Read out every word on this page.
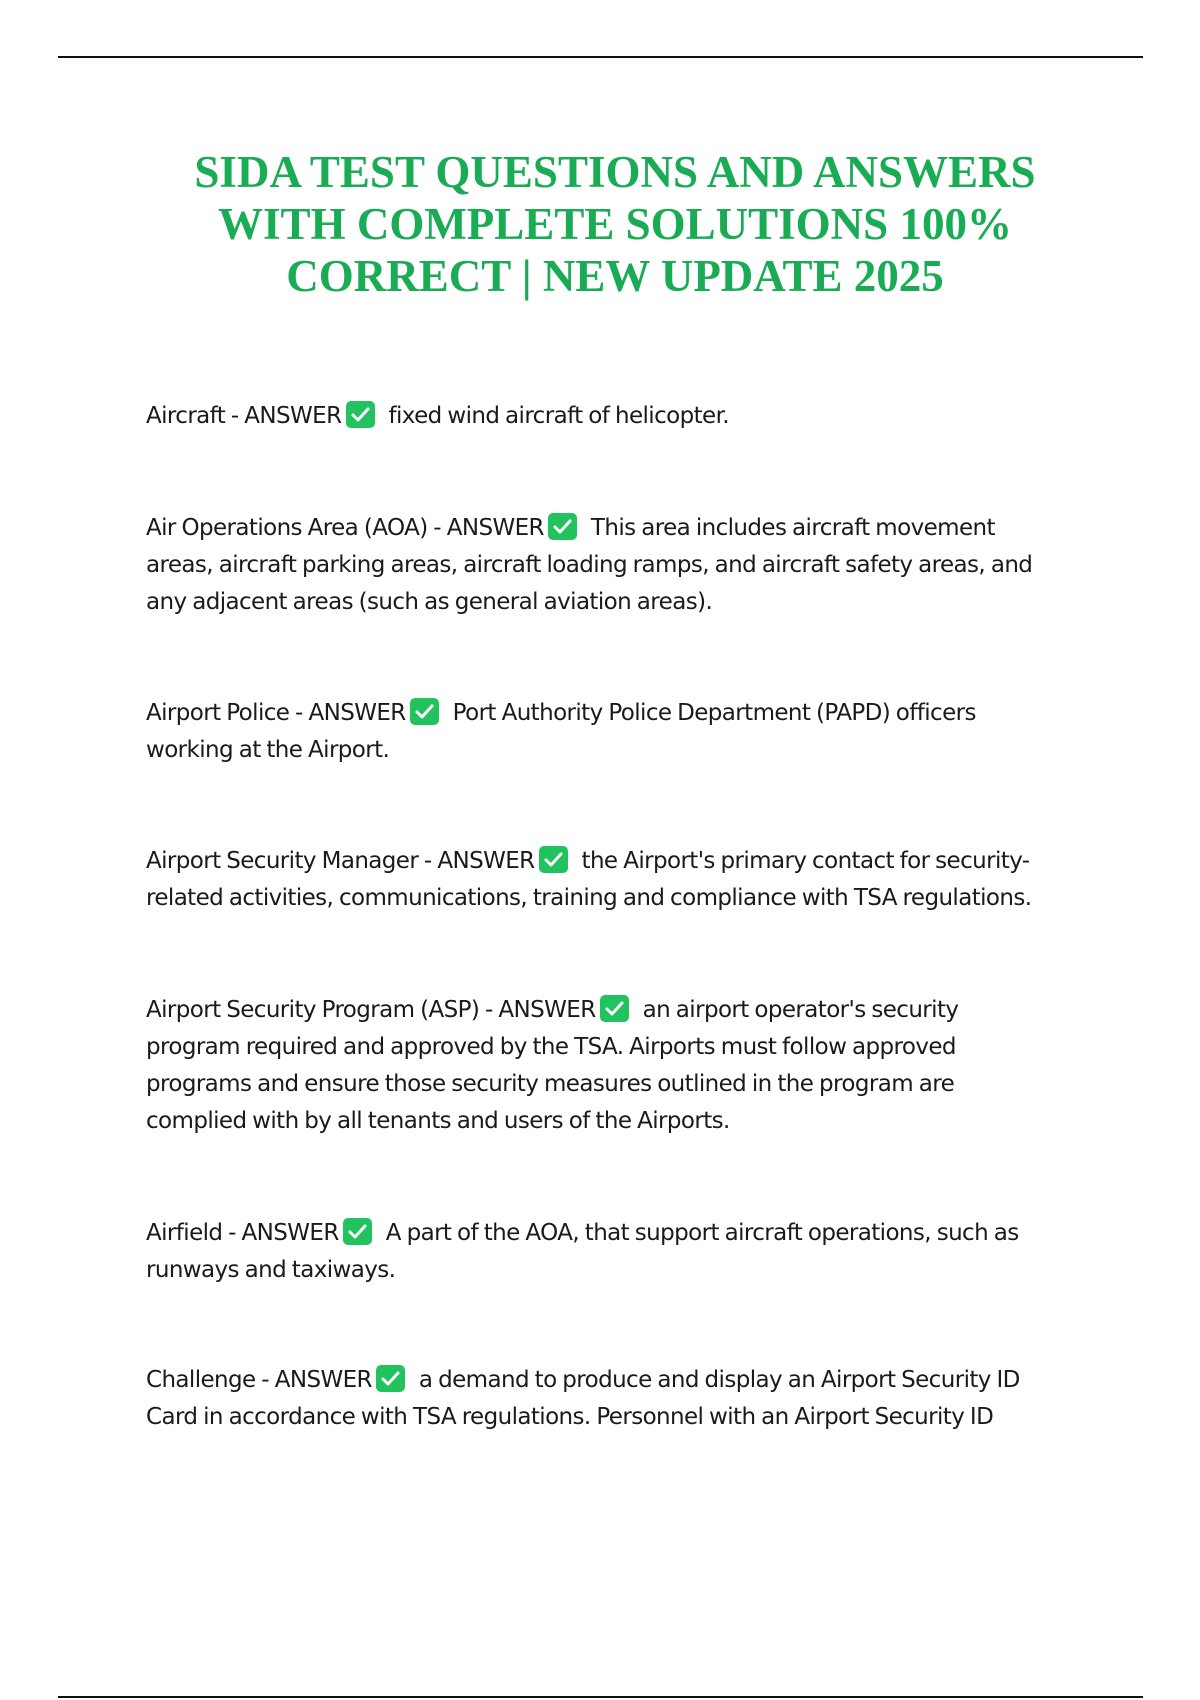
SIDA TEST QUESTIONS AND ANSWERS
WITH COMPLETE SOLUTIONS 100%
CORRECT | NEW UPDATE 2025

Aircraft - ANSWER fixed wind aircraft of helicopter.

Air Operations Area (AOA) - ANSWER This area includes aircraft movement
areas, aircraft parking areas, aircraft loading ramps, and aircraft safety areas, and
any adjacent areas (such as general aviation areas).

Airport Police - ANSWER Port Authority Police Department (PAPD) officers
working at the Airport.

Airport Security Manager - ANSWER the Airport's primary contact for security-
related activities, communications, training and compliance with TSA regulations.

Airport Security Program (ASP) - ANSWER an airport operator's security
program required and approved by the TSA. Airports must follow approved
programs and ensure those security measures outlined in the program are
complied with by all tenants and users of the Airports.

Airfield - ANSWER A part of the AOA, that support aircraft operations, such as
runways and taxiways.

Challenge - ANSWER a demand to produce and display an Airport Security ID
Card in accordance with TSA regulations. Personnel with an Airport Security ID
